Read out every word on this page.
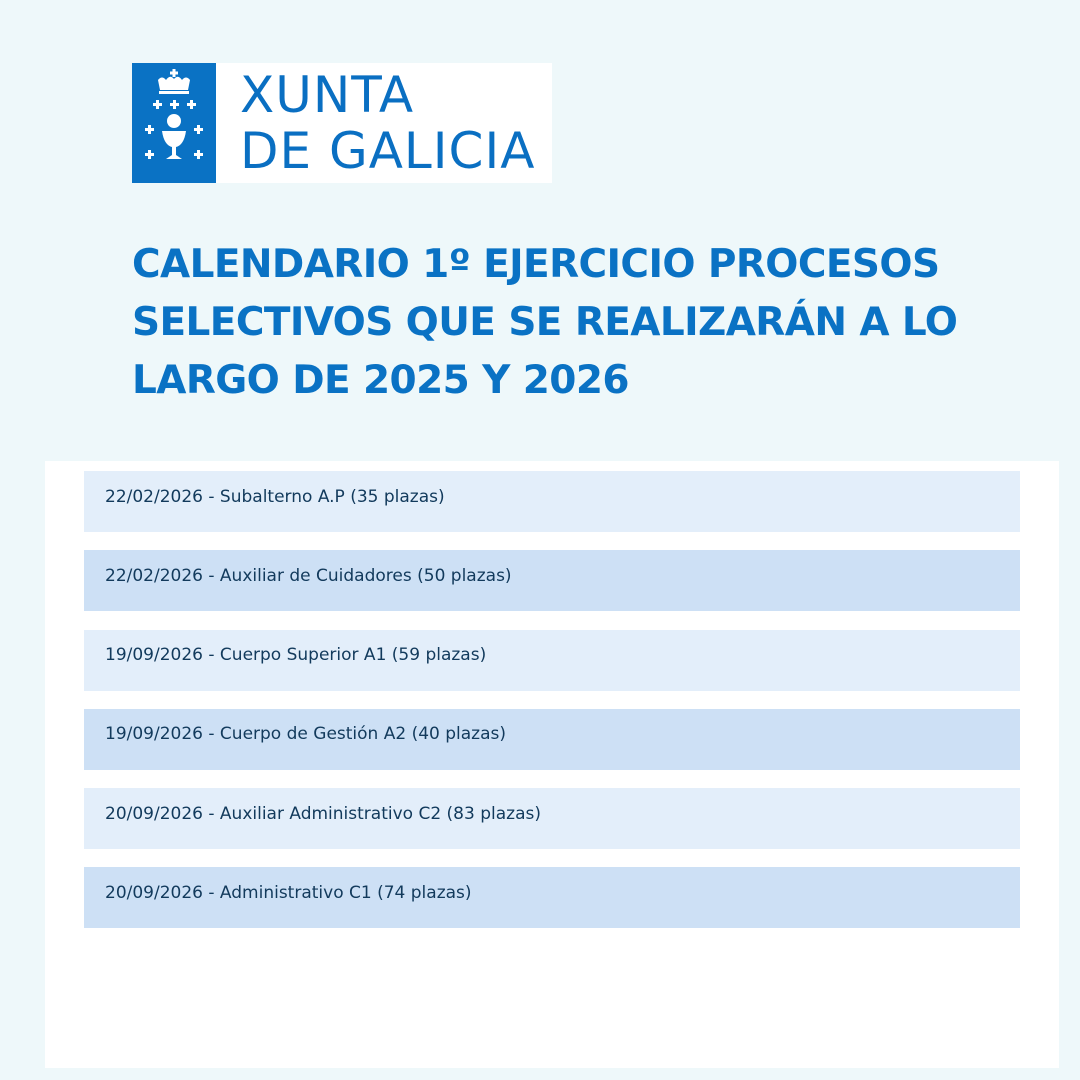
XUNTA
DE GALICIA
CALENDARIO 1º EJERCICIO PROCESOS
SELECTIVOS QUE SE REALIZARÁN A LO
LARGO DE 2025 Y 2026
22/02/2026 - Subalterno A.P (35 plazas)
22/02/2026 - Auxiliar de Cuidadores (50 plazas)
19/09/2026 - Cuerpo Superior A1 (59 plazas)
19/09/2026 - Cuerpo de Gestión A2 (40 plazas)
20/09/2026 - Auxiliar Administrativo C2 (83 plazas)
20/09/2026 - Administrativo C1 (74 plazas)
